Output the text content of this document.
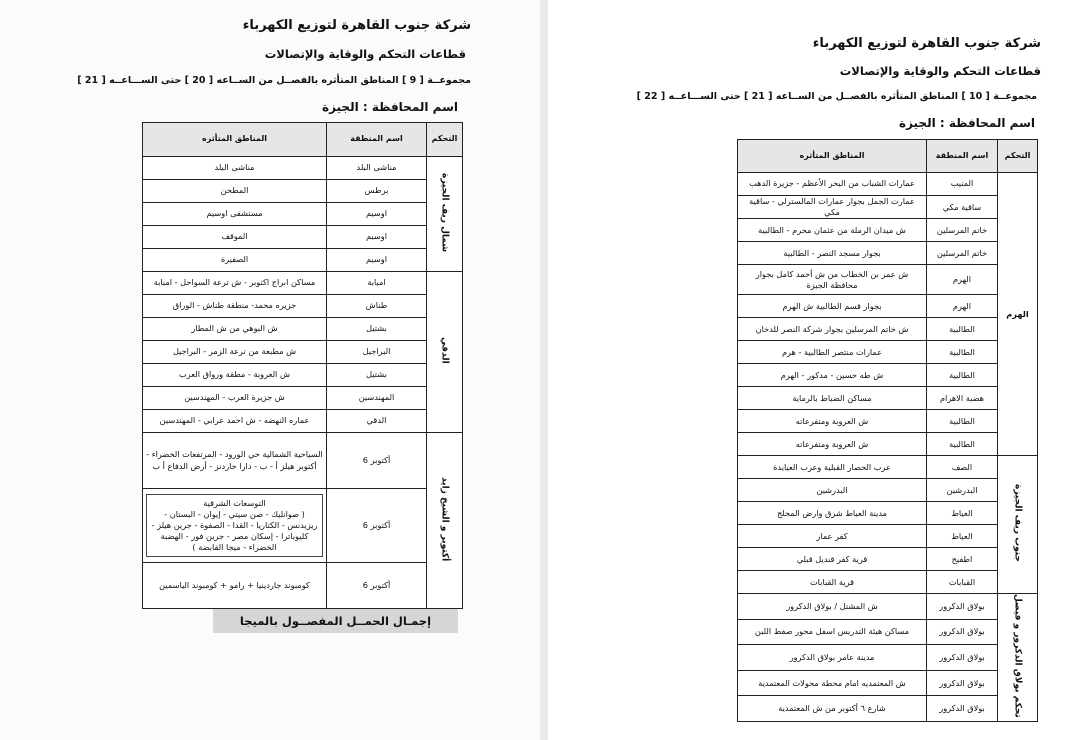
شركة جنوب القاهرة لتوزيع الكهرباء
قطاعات التحكم والوقاية والإتصالات
مجموعــة [ 9 ] المناطق المتأثره بالفصــل من الســاعه [ 20 ] حتى الســـاعــه [ 21 ]
اسم المحافظة : الجيزة
التحكم	اسم المنطقة	المناطق المتأثره
شمال ريف الجيزة	مناشى البلد	مناشى البلد
	برطس	المطحن
	اوسيم	مستشفى اوسيم
	اوسيم	الموقف
	اوسيم	الصفيرة
الدقي	امبابة	مساكن ابراج اكتوبر - ش ترعة السواحل - امبابة
	طناش	جزيره محمد- منطقة طناش - الوراق
	بشتيل	ش البوهي من ش المطار
	البراجيل	ش مطبعة من ترعة الزمر - البراجيل
	بشتيل	ش العروبة - مطقة ورواق العرب
	المهندسين	ش جزيرة العرب - المهندسين
	الدقي	عماره النهضه - ش احمد عرابي - المهندسين
أكتوبر و الشيخ زايد	أكتوبر 6	السياحية الشمالية حي الورود - المرتفعات الخضراء - أكتوبر هيلز أ - ب - دارا جاردنز - أرض الدفاع أ ب
	أكتوبر 6	التوسعات الشرقية
( صوانليك - صن سيتي - إيوان - البستان - ريزيدنس - الكتاريا - القدا - الصفوة - جرين هيلز - كليوباترا - إسكان مصر - جرين فور - الهضبة الخضراء - ميجا القابضة )

	أكتوبر 6	كومبوند جاردينيا + رامو + كومبوند الياسمين
إجمـال الحمــل المفصــول بالميجا
شركة جنوب القاهرة لتوزيع الكهرباء
قطاعات التحكم والوقاية والإتصالات
مجموعــة [ 10 ] المناطق المتأثره بالفصــل من الســاعه [ 21 ] حتى الســـاعــه [ 22 ]
اسم المحافظة : الجيزة
التحكم	اسم المنطقة	المناطق المتأثره
الهرم	المنيب	عمارات الشباب من البحر الأعظم - جزيرة الدهب
	ساقية مكي	عمارت الجمل بجوار عمارات المالسترلي - ساقية مكي
	خاتم المرسلين	ش ميدان الرملة من عثمان محرم - الطالبية
	خاتم المرسلين	بجوار مسجد النصر - الطالبية
	الهرم	ش عمر بن الخطاب من ش أحمد كامل بجوار محافظة الجيزة
	الهرم	بجوار قسم الطالبية ش الهرم
	الطالبية	ش خاتم المرسلين بجوار شركة النصر للدخان
	الطالبية	عمارات منتصر الطالبية - هرم
	الطالبية	ش طه حسين - مدكور - الهرم
	هضبة الاهرام	مساكن الضباط بالرماية
	الطالبية	ش العروبة ومتفرعاته
	الطالبية	ش العروبة ومتفرعاته
جنوب ريف الجيزة	الصف	عرب الحصار القبلية وعرب العيايدة
	البدرشين	البدرشين
	العياط	مدينة العياط شرق وارض المحلج
	العياط	كفر عمار
	اطفيح	قرية كفر قنديل قبلي
	القبابات	قرية القبابات
تحكم بولاق الدكرور و فيصل	بولاق الدكرور	ش المشتل / بولاق الدكرور
	بولاق الدكرور	مساكن هيئة التدريس اسفل محور صفط اللبن
	بولاق الدكرور	مدينة عامر بولاق الدكرور
	بولاق الدكرور	ش المعتمديه امام محطة محولات المعتمدية
	بولاق الدكرور	شارع ٦ أكتوبر من ش المعتمدية
